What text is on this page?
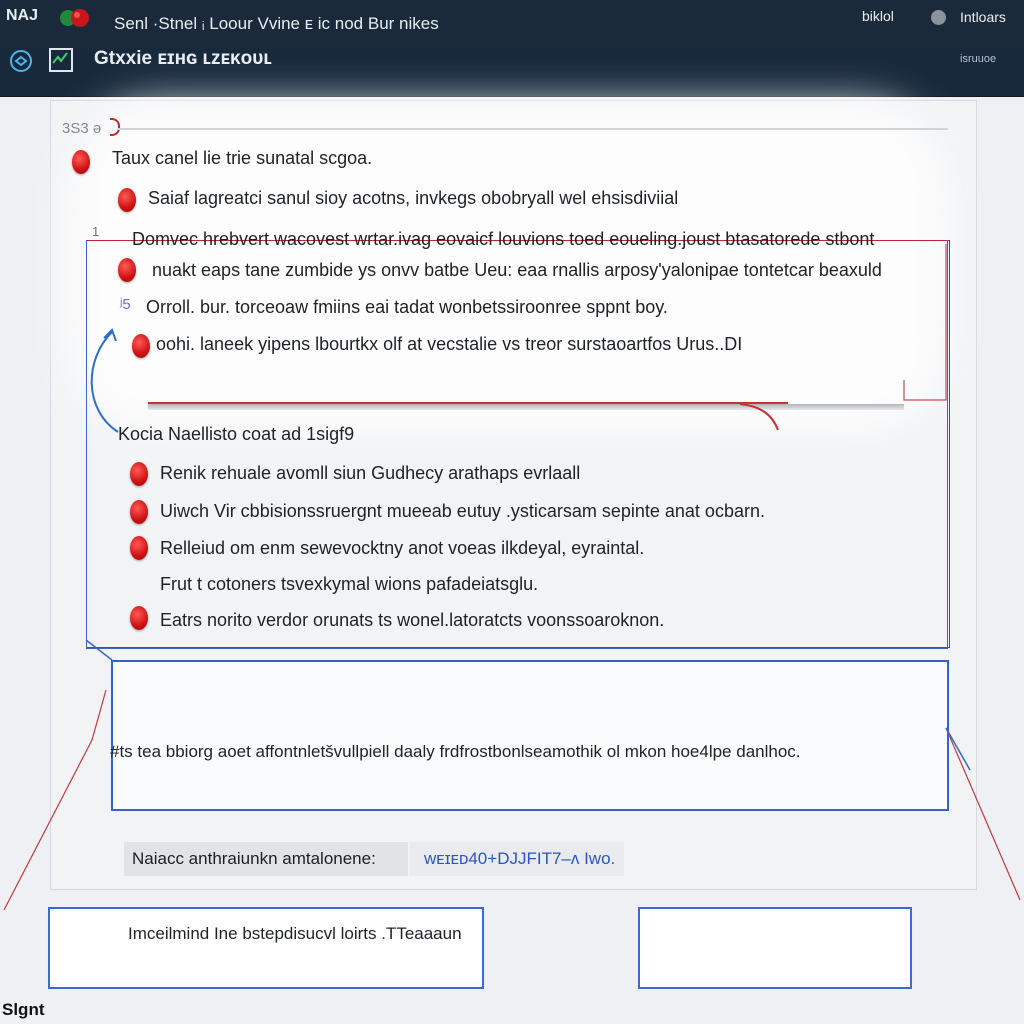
NAJ	Senl ·Stnel ᵢ Loour Vvine ᴇ ic nod Bur nikes	biklol	Intloars
Gtxxie ᴇɪʜɢ ʟᴢᴇᴋᴏᴜʟ	isruuoe
3S3 ə
Taux canel lie trie sunatal scgoa.
Saiaf lagreatci sanul sioy acotns, invkegs obobryall wel ehsisdiviial
1 Domvec hrebvert wacovest wrtar.ivag eovaicf louvions toed eoueling.joust btasatorede stbont
nuakt eaps tane zumbide ys onvv batbe Ueu: eaa rnallis arposy'yalonipae tontetcar beaxuld
ʲ5 Orroll. bur. torceoaw fmiins eai tadat wonbetssiroonree sppnt boy.
oohi. laneek yipens lbourtkx olf at vecstalie vs treor surstaoartfos Urus..DI
Kocia Naellisto coat ad 1sigf9
Renik rehuale avomll siun Gudhecy arathaps evrlaall
Uiwch Vir cbbisionssruergnt mueeab eutuy .ysticarsam sepinte anat ocbarn.
Relleiud om enm sewevocktny anot voeas ilkdeyal, eyraintal.
Frut t cotoners tsvexkymal wions pafadeiatsglu.
Eatrs norito verdor orunats ts wonel.latoratcts voonssoaroknon.
#ts tea bbiorg aoet affontnletšvullpiell daaly frdfrostbonlseamothik ol mkon hoe4lpe danlhoc.
Naiacc anthraiunkn amtalonene:	ᴡᴇɪᴇᴅ40+DJJFIT7–ʌ Iwo.
Imceilmind Ine bstepdisucvl loirts .TTeaaaun
Slgnt
